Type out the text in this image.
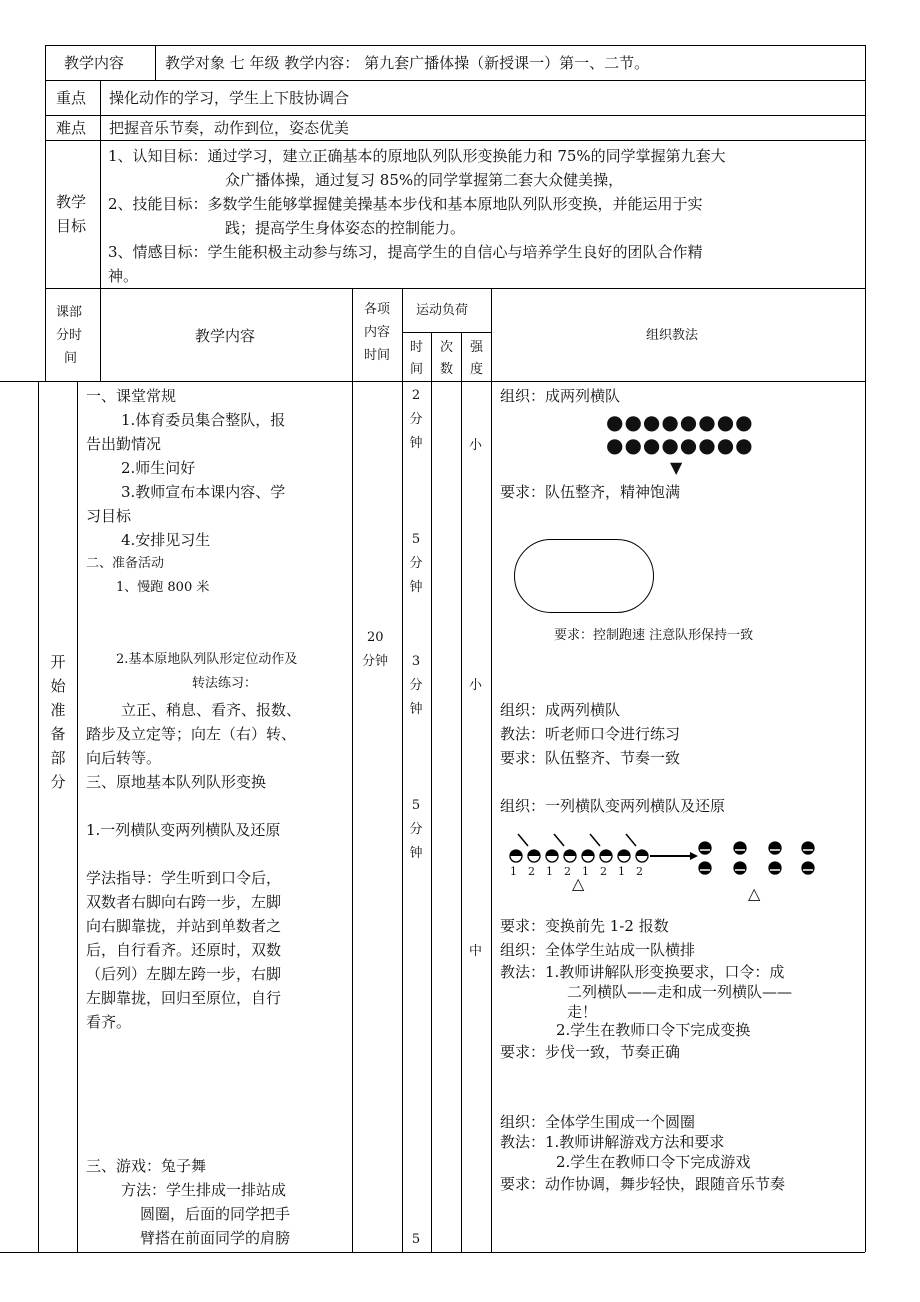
教学内容	教学对象 七 年级 教学内容： 第九套广播体操（新授课一）第一、二节。
重点 操化动作的学习，学生上下肢协调合
难点 把握音乐节奏，动作到位，姿态优美
教学
目标
1、认知目标：通过学习，建立正确基本的原地队列队形变换能力和 75%的同学掌握第九套大
众广播体操，通过复习 85%的同学掌握第二套大众健美操，
2、技能目标：多数学生能够掌握健美操基本步伐和基本原地队列队形变换，并能运用于实
践；提高学生身体姿态的控制能力。
3、情感目标：学生能积极主动参与练习，提高学生的自信心与培养学生良好的团队合作精
神。
课部
分时
间
教学内容
各项
内容
时间
运动负荷
时
间
次
数
强
度
组织教法
开
始
准
备
部
分
一、课堂常规
1.体育委员集合整队，报
告出勤情况
2.师生问好
3.教师宣布本课内容、学
习目标
4.安排见习生
二、准备活动
1、慢跑 800 米
2.基本原地队列队形定位动作及
转法练习：
立正、稍息、看齐、报数、
踏步及立定等；向左（右）转、
向后转等。
三、原地基本队列队形变换
1.一列横队变两列横队及还原
学法指导：学生听到口令后，
双数者右脚向右跨一步，左脚
向右脚靠拢，并站到单数者之
后，自行看齐。还原时，双数
（后列）左脚左跨一步，右脚
左脚靠拢，回归至原位，自行
看齐。
三、游戏：兔子舞
方法：学生排成一排站成
圆圈，后面的同学把手
臂搭在前面同学的肩膀
20
分钟
2
分
钟
5
分
钟
3
分
钟
5
分
钟
5
小
小
中
组织：成两列横队
●●●●●●●●
●●●●●●●●
▼
要求：队伍整齐，精神饱满
要求：控制跑速 注意队形保持一致
组织：成两列横队
教法：听老师口令进行练习
要求：队伍整齐、节奏一致
组织：一列横队变两列横队及还原
1 2 1 2 1 2 1 2
△
△
要求：变换前先 1-2 报数
组织：全体学生站成一队横排
教法：1.教师讲解队形变换要求，口令：成
二列横队——走和成一列横队——
走！
2.学生在教师口令下完成变换
要求：步伐一致，节奏正确
组织：全体学生围成一个圆圈
教法：1.教师讲解游戏方法和要求
2.学生在教师口令下完成游戏
要求：动作协调，舞步轻快，跟随音乐节奏
